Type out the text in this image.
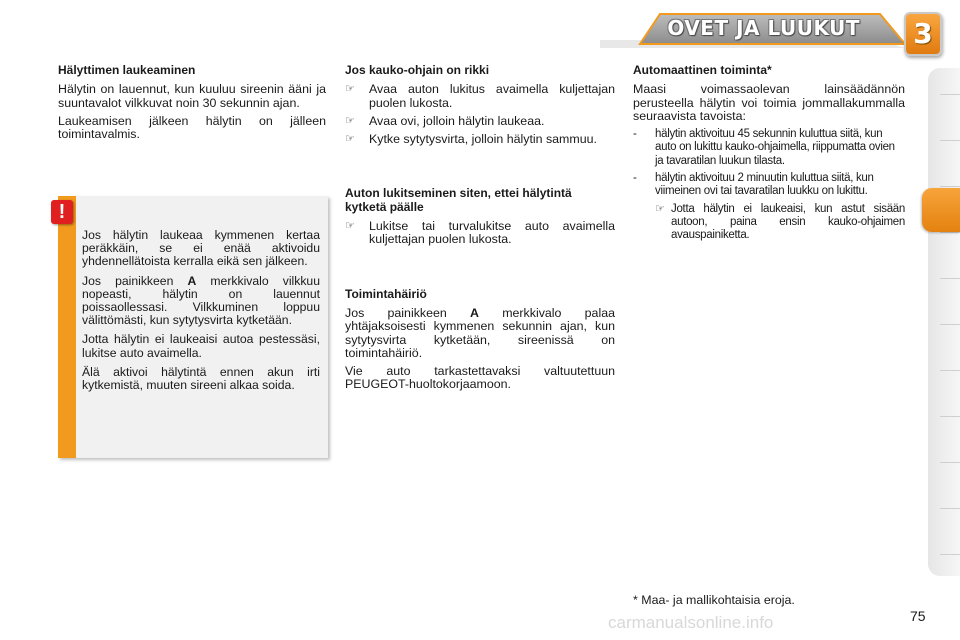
OVET JA LUUKUT	3
Hälyttimen laukeaminen

Hälytin on lauennut, kun kuuluu sireenin ääni ja suuntavalot vilkkuvat noin 30 sekunnin ajan.

Laukeamisen jälkeen hälytin on jälleen toimintavalmis.

!

Jos hälytin laukeaa kymmenen kertaa peräkkäin, se ei enää aktivoidu yhdennellätoista kerralla eikä sen jälkeen.

Jos painikkeen A merkkivalo vilkkuu nopeasti, hälytin on lauennut poissaollessasi. Vilkkuminen loppuu välittömästi, kun sytytysvirta kytketään.

Jotta hälytin ei laukeaisi autoa pestessäsi, lukitse auto avaimella.

Älä aktivoi hälytintä ennen akun irti kytkemistä, muuten sireeni alkaa soida.

Jos kauko-ohjain on rikki
☞	Avaa auton lukitus avaimella kuljettajan puolen lukosta.
☞	Avaa ovi, jolloin hälytin laukeaa.
☞	Kytke sytytysvirta, jolloin hälytin sammuu.
Auton lukitseminen siten, ettei hälytintä kytketä päälle
☞	Lukitse tai turvalukitse auto avaimella kuljettajan puolen lukosta.
Toimintahäiriö

Jos painikkeen A merkkivalo palaa yhtäjaksoisesti kymmenen sekunnin ajan, kun sytytysvirta kytketään, sireenissä on toimintahäiriö.

Vie auto tarkastettavaksi valtuutettuun PEUGEOT-huoltokorjaamoon.

Automaattinen toiminta*

Maasi voimassaolevan lainsäädännön perusteella hälytin voi toimia jommallakummalla seuraavista tavoista:

-	hälytin aktivoituu 45 sekunnin kuluttua siitä, kun auto on lukittu kauko-ohjaimella, riippumatta ovien ja tavaratilan luukun tilasta.
-	hälytin aktivoituu 2 minuutin kuluttua siitä, kun viimeinen ovi tai tavaratilan luukku on lukittu.
☞ Jotta hälytin ei laukeaisi, kun astut sisään autoon, paina ensin kauko-ohjaimen avauspainiketta.
* Maa- ja mallikohtaisia eroja.
carmanualsonline.info	75
